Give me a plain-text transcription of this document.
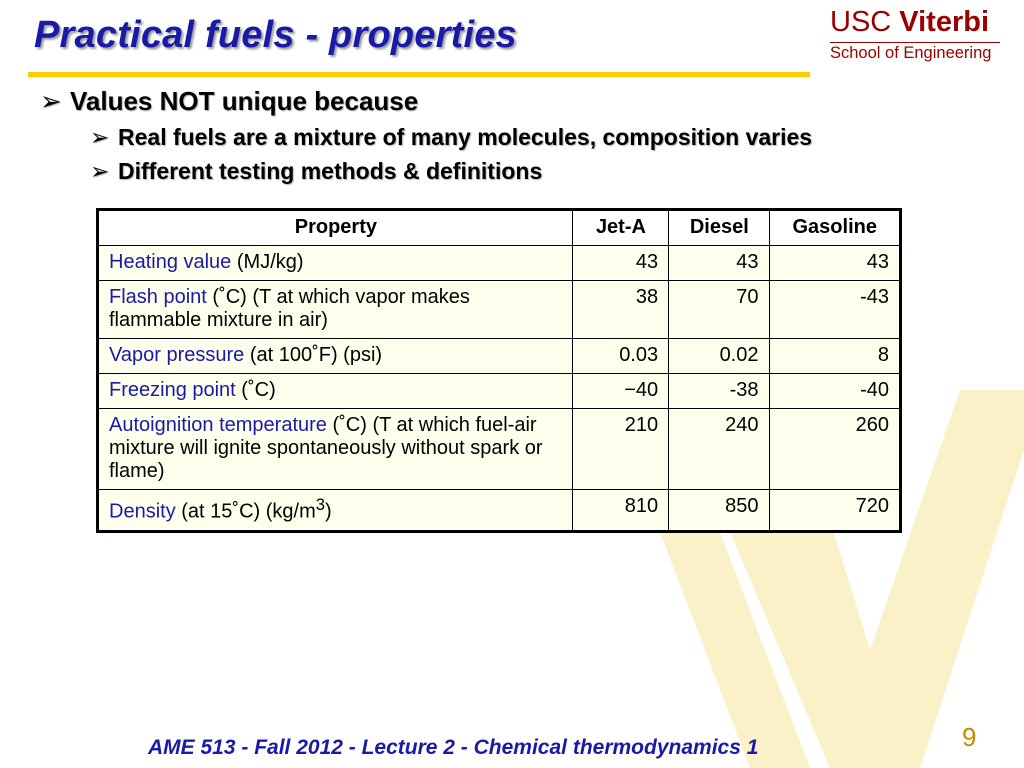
Practical fuels - properties	USC Viterbi
School of Engineering
➢ Values NOT unique because
➢ Real fuels are a mixture of many molecules, composition varies
➢ Different testing methods & definitions
Property	Jet-A	Diesel	Gasoline
Heating value (MJ/kg)	43	43	43
Flash point (˚C) (T at which vapor makes flammable mixture in air)	38	70	-43
Vapor pressure (at 100˚F) (psi)	0.03	0.02	8
Freezing point (˚C)	−40	-38	-40
Autoignition temperature (˚C) (T at which fuel-air mixture will ignite spontaneously without spark or flame)	210	240	260
Density (at 15˚C) $(kg/m^3)$	810	850	720
AME 513 - Fall 2012 - Lecture 2 - Chemical thermodynamics 1	9
